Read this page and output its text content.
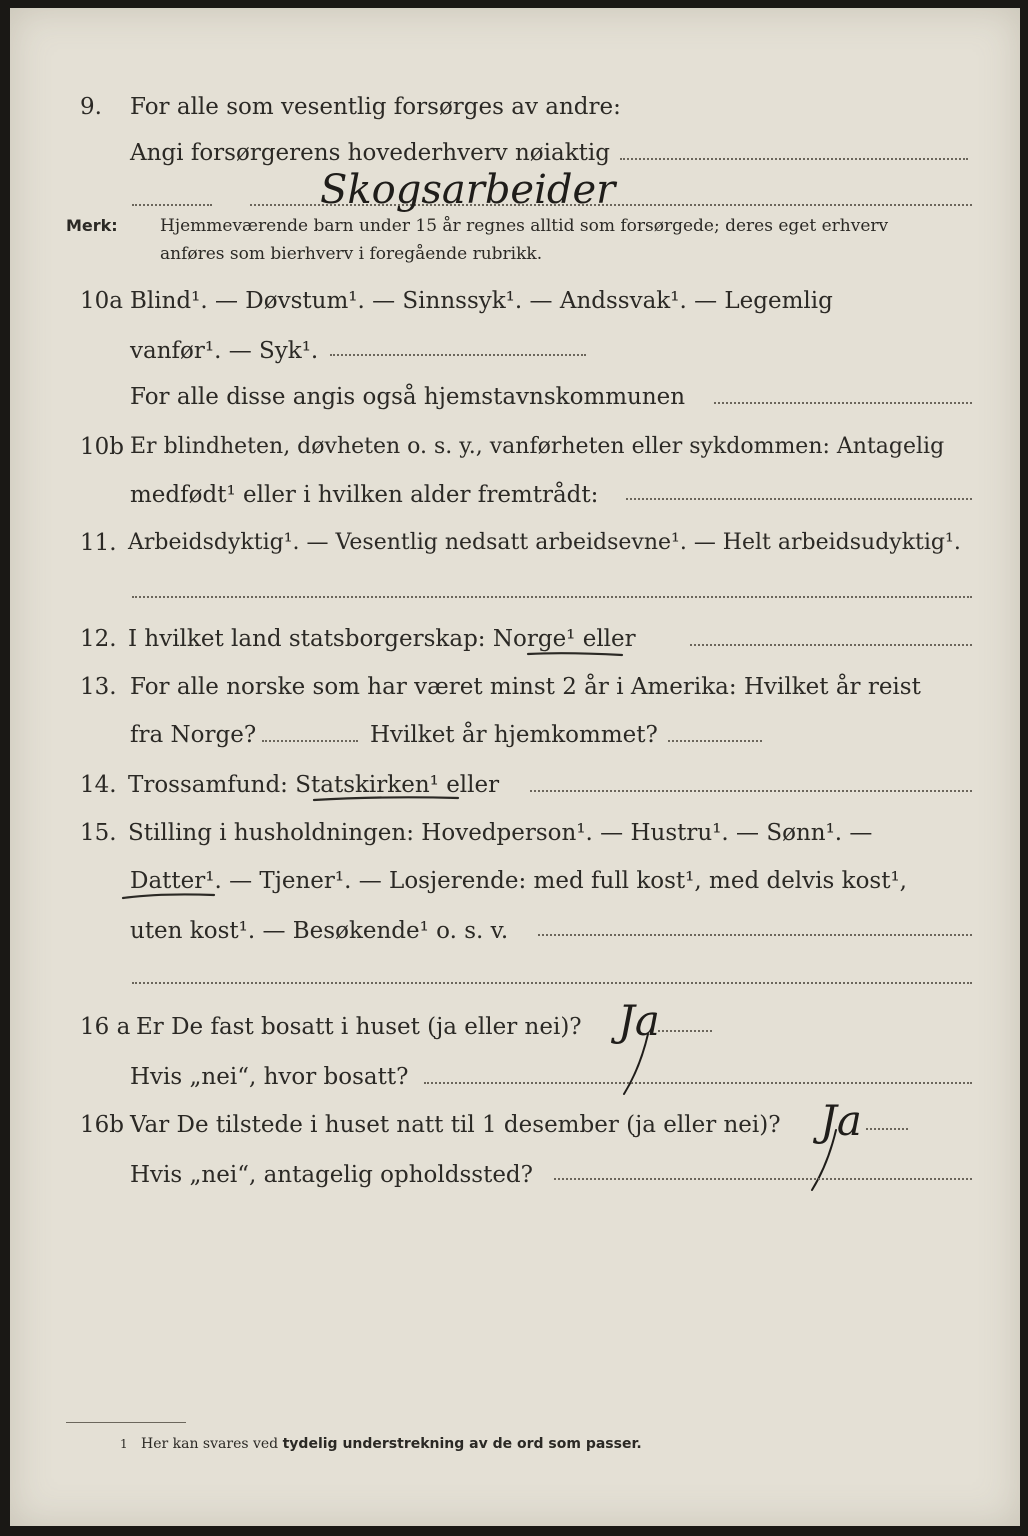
9. For alle som vesentlig forsørges av andre:
Angi forsørgerens hovederhverv nøiaktig
Skogsarbeider
Merk: Hjemmeværende barn under 15 år regnes alltid som forsørgede; deres eget erhverv
anføres som bierhverv i foregående rubrikk.
10a Blind¹. — Døvstum¹. — Sinnssyk¹. — Andssvak¹. — Legemlig
vanfør¹. — Syk¹.
For alle disse angis også hjemstavnskommunen
10b Er blindheten, døvheten o. s. y., vanførheten eller sykdommen: Antagelig
medfødt¹ eller i hvilken alder fremtrådt:
11. Arbeidsdyktig¹. — Vesentlig nedsatt arbeidsevne¹. — Helt arbeidsudyktig¹.
12. I hvilket land statsborgerskap: Norge¹ eller
13. For alle norske som har været minst 2 år i Amerika: Hvilket år reist
fra Norge?	Hvilket år hjemkommet?
14. Trossamfund: Statskirken¹ eller
15. Stilling i husholdningen: Hovedperson¹. — Hustru¹. — Sønn¹. —
Datter¹. — Tjener¹. — Losjerende: med full kost¹, med delvis kost¹,
uten kost¹. — Besøkende¹ o. s. v.
16 a Er De fast bosatt i huset (ja eller nei)? Ja
Hvis „nei“, hvor bosatt?
16b Var De tilstede i huset natt til 1 desember (ja eller nei)? Ja
Hvis „nei“, antagelig opholdssted?
1 Her kan svares ved tydelig understrekning av de ord som passer.
